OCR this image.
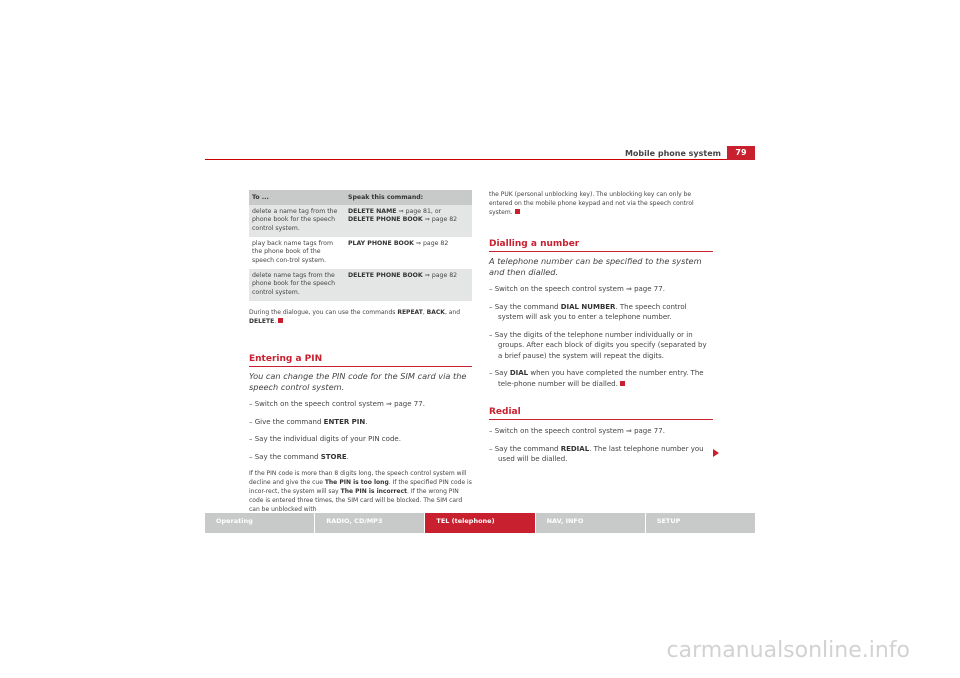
Mobile phone system	79
To ...	Speak this command:
delete a name tag from the phone book for the speech control system.	DELETE NAME ⇒ page 81, or
DELETE PHONE BOOK ⇒ page 82
play back name tags from the phone book of the speech con-trol system.	PLAY PHONE BOOK ⇒ page 82
delete name tags from the phone book for the speech control system.	DELETE PHONE BOOK ⇒ page 82

During the dialogue, you can use the commands REPEAT, BACK, and DELETE.

Entering a PIN

You can change the PIN code for the SIM card via the speech control system.

– Switch on the speech control system ⇒ page 77.
– Give the command ENTER PIN.
– Say the individual digits of your PIN code.
– Say the command STORE.

If the PIN code is more than 8 digits long, the speech control system will decline and give the cue The PIN is too long. If the specified PIN code is incor-rect, the system will say The PIN is incorrect. If the wrong PIN code is entered three times, the SIM card will be blocked. The SIM card can be unblocked with

the PUK (personal unblocking key). The unblocking key can only be entered on the mobile phone keypad and not via the speech control system.

Dialling a number

A telephone number can be specified to the system and then dialled.

– Switch on the speech control system ⇒ page 77.
– Say the command DIAL NUMBER. The speech control system will ask you to enter a telephone number.
– Say the digits of the telephone number individually or in groups. After each block of digits you specify (separated by a brief pause) the system will repeat the digits.
– Say DIAL when you have completed the number entry. The tele-phone number will be dialled.
Redial
– Switch on the speech control system ⇒ page 77.
– Say the command REDIAL. The last telephone number you used will be dialled.
Operating	RADIO, CD/MP3	TEL (telephone)	NAV, INFO	SETUP
carmanualsonline.info
